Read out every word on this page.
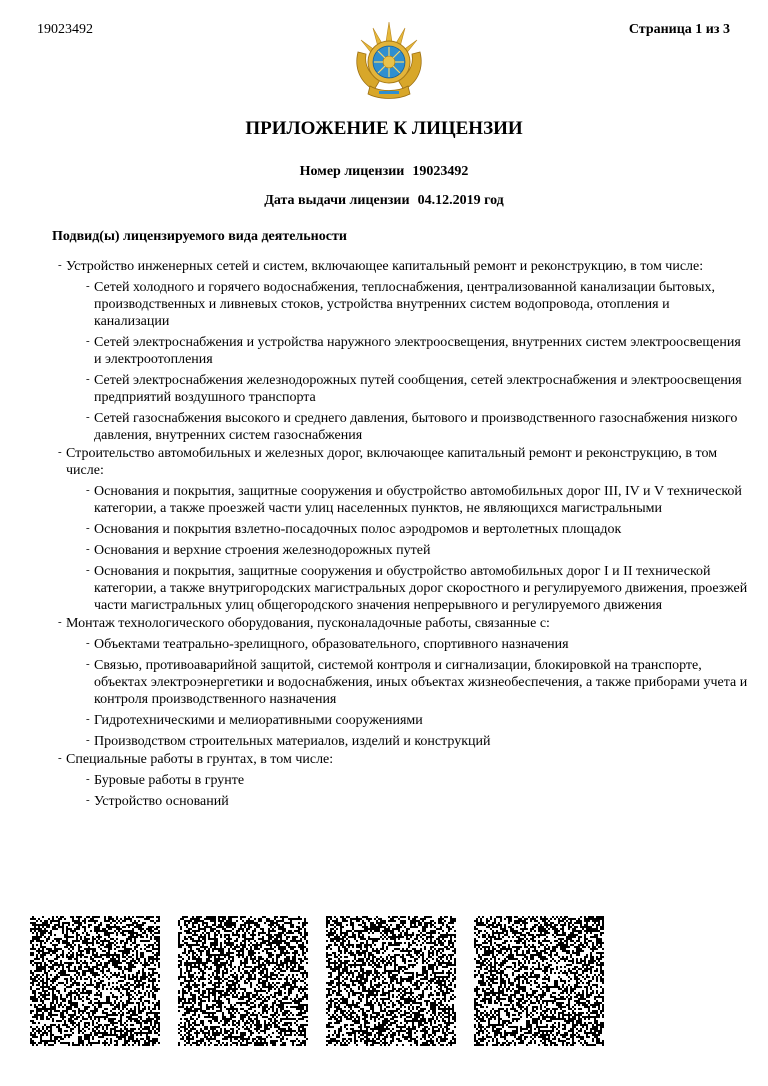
19023492	Страница 1 из 3
ПРИЛОЖЕНИЕ К ЛИЦЕНЗИИ
Номер лицензии 19023492
Дата выдачи лицензии 04.12.2019 год
Подвид(ы) лицензируемого вида деятельности
- Устройство инженерных сетей и систем, включающее капитальный ремонт и реконструкцию, в том числе:
- Сетей холодного и горячего водоснабжения, теплоснабжения, централизованной канализации бытовых, производственных и ливневых стоков, устройства внутренних систем водопровода, отопления и канализации
- Сетей электроснабжения и устройства наружного электроосвещения, внутренних систем электроосвещения и электроотопления
- Сетей электроснабжения железнодорожных путей сообщения, сетей электроснабжения и электроосвещения предприятий воздушного транспорта
- Сетей газоснабжения высокого и среднего давления, бытового и производственного газоснабжения низкого давления, внутренних систем газоснабжения
- Строительство автомобильных и железных дорог, включающее капитальный ремонт и реконструкцию, в том числе:
- Основания и покрытия, защитные сооружения и обустройство автомобильных дорог III, IV и V технической категории, а также проезжей части улиц населенных пунктов, не являющихся магистральными
- Основания и покрытия взлетно-посадочных полос аэродромов и вертолетных площадок
- Основания и верхние строения железнодорожных путей
- Основания и покрытия, защитные сооружения и обустройство автомобильных дорог I и II технической категории, а также внутригородских магистральных дорог скоростного и регулируемого движения, проезжей части магистральных улиц общегородского значения непрерывного и регулируемого движения
- Монтаж технологического оборудования, пусконаладочные работы, связанные с:
- Объектами театрально-зрелищного, образовательного, спортивного назначения
- Связью, противоаварийной защитой, системой контроля и сигнализации, блокировкой на транспорте, объектах электроэнергетики и водоснабжения, иных объектах жизнеобеспечения, а также приборами учета и контроля производственного назначения
- Гидротехническими и мелиоративными сооружениями
- Производством строительных материалов, изделий и конструкций
- Специальные работы в грунтах, в том числе:
- Буровые работы в грунте
- Устройство оснований
